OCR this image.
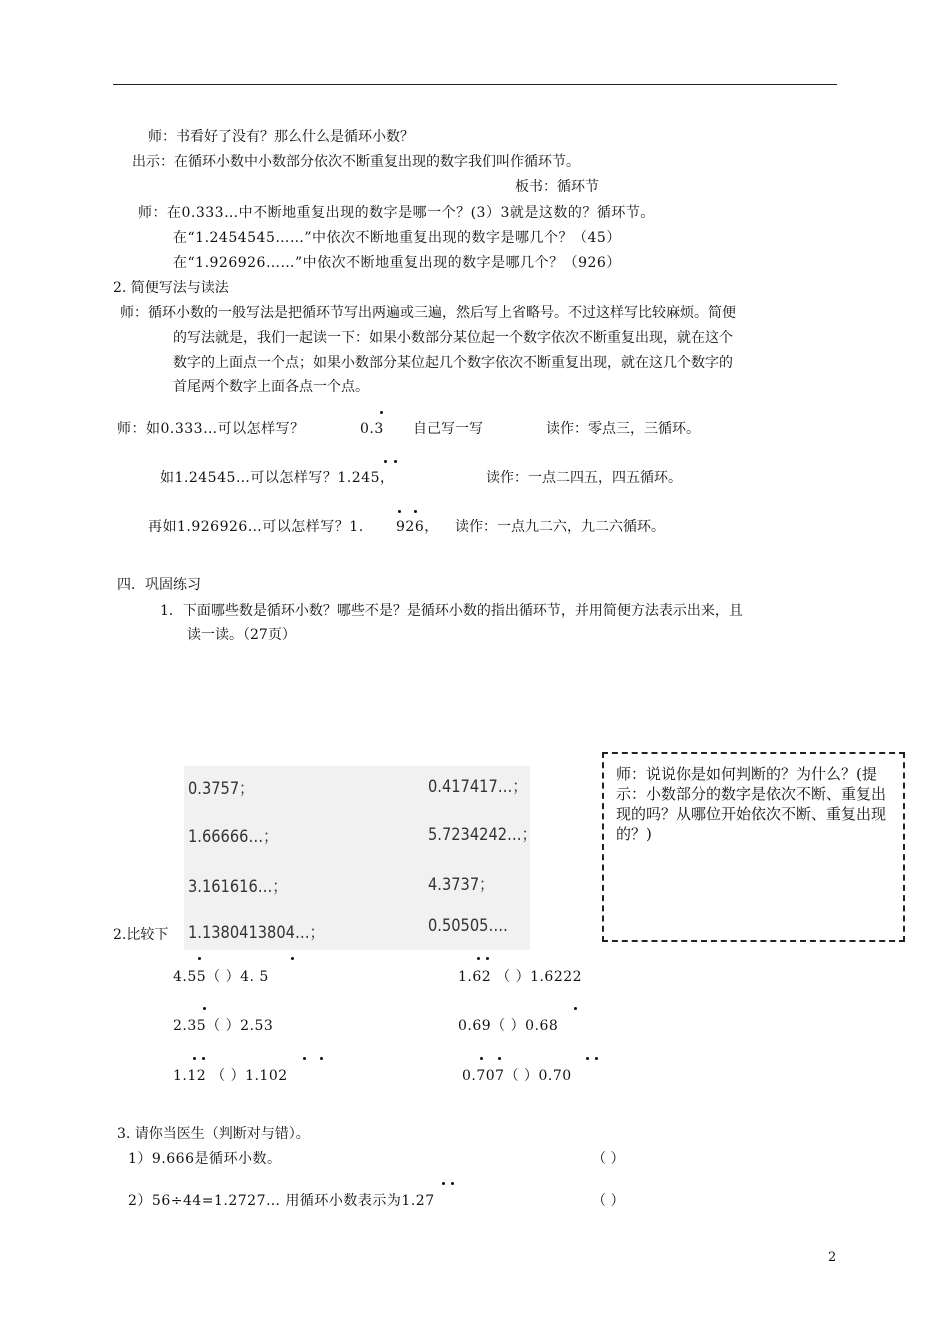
师：书看好了没有？那么什么是循环小数？
出示：在循环小数中小数部分依次不断重复出现的数字我们叫作循环节。
板书：循环节
师：在0.333…中不断地重复出现的数字是哪一个？(3）3就是这数的？循环节。
在“1.2454545……”中依次不断地重复出现的数字是哪几个？（45）
在“1.926926……”中依次不断地重复出现的数字是哪几个？（926）
2. 简便写法与读法
师：循环小数的一般写法是把循环节写出两遍或三遍，然后写上省略号。不过这样写比较麻烦。简便
的写法就是，我们一起读一下：如果小数部分某位起一个数字依次不断重复出现，就在这个
数字的上面点一个点；如果小数部分某位起几个数字依次不断重复出现，就在这几个数字的
首尾两个数字上面各点一个点。
师：如0.333…可以怎样写？	0.3 自己写一写	读作：零点三，三循环。
如1.24545…可以怎样写？1.245，	读作：一点二四五，四五循环。
再如1.926926…可以怎样写？1. 926， 读作：一点九二六，九二六循环。
四．巩固练习
1．下面哪些数是循环小数？哪些不是？是循环小数的指出循环节，并用简便方法表示出来，且
读一读。（27页）
0.3757；	0.417417…；
1.66666…；	5.7234242…；
3.161616…；	4.3737；
1.1380413804…；	0.50505….
师：说说你是如何判断的？为什么？(提示：小数部分的数字是依次不断、重复出现的吗？从哪位开始依次不断、重复出现的？)
2.比较下
4.55（ ）4. 5	1.62 （ ）1.6222
2.35（ ）2.53	0.69（ ）0.68
1.12 （ ）1.102	0.707（ ）0.70
3. 请你当医生（判断对与错）。
1）9.666是循环小数。	（ ）
2）56÷44=1.2727… 用循环小数表示为1.27	（ ）
2
